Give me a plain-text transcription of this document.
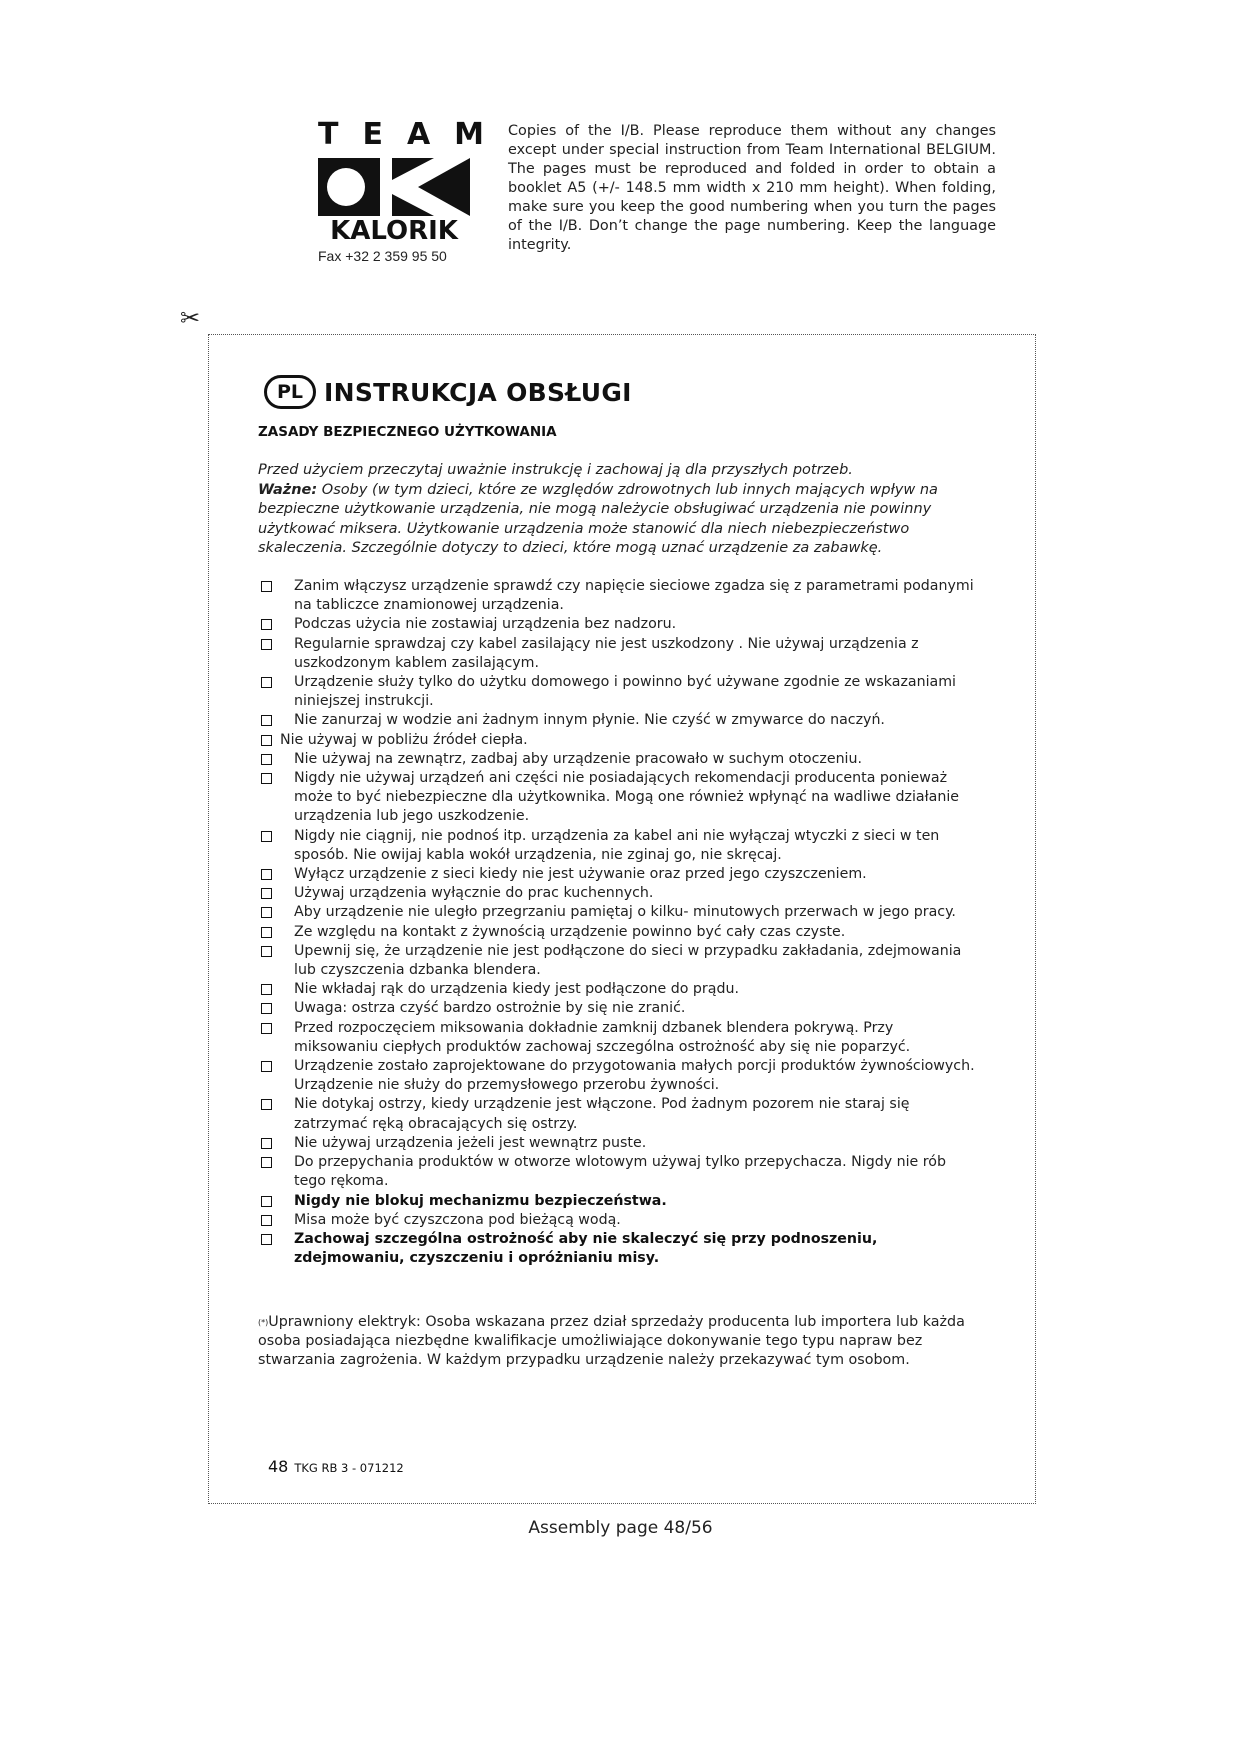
TEAM
KALORIK
Fax +32 2 359 95 50
Copies of the I/B. Please reproduce them without any changes except under special instruction from Team International BELGIUM. The pages must be reproduced and folded in order to obtain a booklet A5 (+/- 148.5 mm width x 210 mm height). When folding, make sure you keep the good numbering when you turn the pages of the I/B. Don’t change the page numbering. Keep the language integrity.
✂
PL INSTRUKCJA OBSŁUGI
ZASADY BEZPIECZNEGO UŻYTKOWANIA

Przed użyciem przeczytaj uważnie instrukcję i zachowaj ją dla przyszłych potrzeb.

Ważne: Osoby (w tym dzieci, które ze względów zdrowotnych lub innych mających wpływ na bezpieczne użytkowanie urządzenia, nie mogą należycie obsługiwać urządzenia nie powinny użytkować miksera. Użytkowanie urządzenia może stanowić dla niech niebezpieczeństwo skaleczenia. Szczególnie dotyczy to dzieci, które mogą uznać urządzenie za zabawkę.

Zanim włączysz urządzenie sprawdź czy napięcie sieciowe zgadza się z parametrami podanymi na tabliczce znamionowej urządzenia.
Podczas użycia nie zostawiaj urządzenia bez nadzoru.
Regularnie sprawdzaj czy kabel zasilający nie jest uszkodzony . Nie używaj urządzenia z uszkodzonym kablem zasilającym.
Urządzenie służy tylko do użytku domowego i powinno być używane zgodnie ze wskazaniami niniejszej instrukcji.
Nie zanurzaj w wodzie ani żadnym innym płynie. Nie czyść w zmywarce do naczyń.
Nie używaj w pobliżu źródeł ciepła.
Nie używaj na zewnątrz, zadbaj aby urządzenie pracowało w suchym otoczeniu.
Nigdy nie używaj urządzeń ani części nie posiadających rekomendacji producenta ponieważ może to być niebezpieczne dla użytkownika. Mogą one również wpłynąć na wadliwe działanie urządzenia lub jego uszkodzenie.
Nigdy nie ciągnij, nie podnoś itp. urządzenia za kabel ani nie wyłączaj wtyczki z sieci w ten sposób. Nie owijaj kabla wokół urządzenia, nie zginaj go, nie skręcaj.
Wyłącz urządzenie z sieci kiedy nie jest używanie oraz przed jego czyszczeniem.
Używaj urządzenia wyłącznie do prac kuchennych.
Aby urządzenie nie uległo przegrzaniu pamiętaj o kilku- minutowych przerwach w jego pracy.
Ze względu na kontakt z żywnością urządzenie powinno być cały czas czyste.
Upewnij się, że urządzenie nie jest podłączone do sieci w przypadku zakładania, zdejmowania lub czyszczenia dzbanka blendera.
Nie wkładaj rąk do urządzenia kiedy jest podłączone do prądu.
Uwaga: ostrza czyść bardzo ostrożnie by się nie zranić.
Przed rozpoczęciem miksowania dokładnie zamknij dzbanek blendera pokrywą. Przy miksowaniu ciepłych produktów zachowaj szczególna ostrożność aby się nie poparzyć.
Urządzenie zostało zaprojektowane do przygotowania małych porcji produktów żywnościowych. Urządzenie nie służy do przemysłowego przerobu żywności.
Nie dotykaj ostrzy, kiedy urządzenie jest włączone. Pod żadnym pozorem nie staraj się zatrzymać ręką obracających się ostrzy.
Nie używaj urządzenia jeżeli jest wewnątrz puste.
Do przepychania produktów w otworze wlotowym używaj tylko przepychacza. Nigdy nie rób tego rękoma.
Nigdy nie blokuj mechanizmu bezpieczeństwa.
Misa może być czyszczona pod bieżącą wodą.
Zachowaj szczególna ostrożność aby nie skaleczyć się przy podnoszeniu, zdejmowaniu, czyszczeniu i opróżnianiu misy.
(*)Uprawniony elektryk: Osoba wskazana przez dział sprzedaży producenta lub importera lub każda osoba posiadająca niezbędne kwalifikacje umożliwiające dokonywanie tego typu napraw bez stwarzania zagrożenia. W każdym przypadku urządzenie należy przekazywać tym osobom.
48 TKG RB 3 - 071212
Assembly page 48/56
